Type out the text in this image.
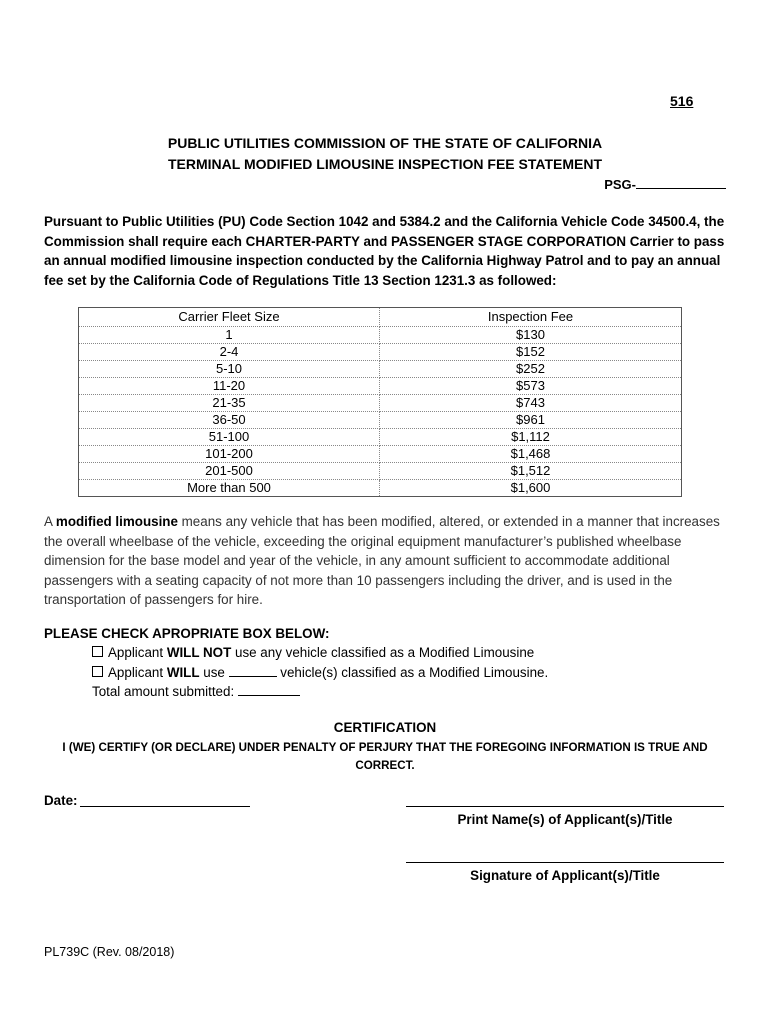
516
PUBLIC UTILITIES COMMISSION OF THE STATE OF CALIFORNIA
TERMINAL MODIFIED LIMOUSINE INSPECTION FEE STATEMENT
PSG-
Pursuant to Public Utilities (PU) Code Section 1042 and 5384.2 and the California Vehicle Code 34500.4, the Commission shall require each CHARTER-PARTY and PASSENGER STAGE CORPORATION Carrier to pass an annual modified limousine inspection conducted by the California Highway Patrol and to pay an annual fee set by the California Code of Regulations Title 13 Section 1231.3 as followed:
Carrier Fleet Size	Inspection Fee
1	$130
2-4	$152
5-10	$252
11-20	$573
21-35	$743
36-50	$961
51-100	$1,112
101-200	$1,468
201-500	$1,512
More than 500	$1,600
A modified limousine means any vehicle that has been modified, altered, or extended in a manner that increases the overall wheelbase of the vehicle, exceeding the original equipment manufacturer’s published wheelbase dimension for the base model and year of the vehicle, in any amount sufficient to accommodate additional passengers with a seating capacity of not more than 10 passengers including the driver, and is used in the transportation of passengers for hire.
PLEASE CHECK APROPRIATE BOX BELOW:
Applicant WILL NOT use any vehicle classified as a Modified Limousine
Applicant WILL use	vehicle(s) classified as a Modified Limousine.
Total amount submitted:
CERTIFICATION
I (WE) CERTIFY (OR DECLARE) UNDER PENALTY OF PERJURY THAT THE FOREGOING INFORMATION IS TRUE AND CORRECT.
Date:
Print Name(s) of Applicant(s)/Title
Signature of Applicant(s)/Title
PL739C (Rev. 08/2018)
